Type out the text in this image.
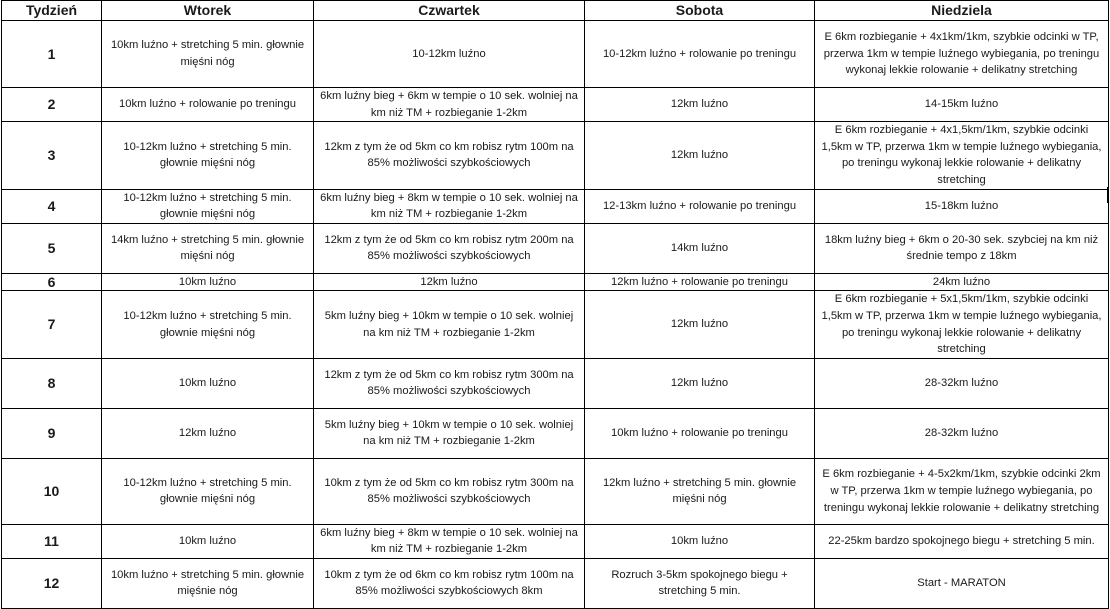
Tydzień	Wtorek	Czwartek	Sobota	Niedziela
1	10km luźno + stretching 5 min. głownie mięśni nóg	10-12km luźno	10-12km luźno + rolowanie po treningu	E 6km rozbieganie + 4x1km/1km, szybkie odcinki w TP, przerwa 1km w tempie luźnego wybiegania, po treningu wykonaj lekkie rolowanie + delikatny stretching
2	10km luźno + rolowanie po treningu	6km luźny bieg + 6km w tempie o 10 sek. wolniej na km niż TM + rozbieganie 1-2km	12km luźno	14-15km luźno
3	10-12km luźno + stretching 5 min. głownie mięśni nóg	12km z tym że od 5km co km robisz rytm 100m na 85% możliwości szybkościowych	12km luźno	E 6km rozbieganie + 4x1,5km/1km, szybkie odcinki 1,5km w TP, przerwa 1km w tempie luźnego wybiegania, po treningu wykonaj lekkie rolowanie + delikatny stretching
4	10-12km luźno + stretching 5 min. głownie mięśni nóg	6km luźny bieg + 8km w tempie o 10 sek. wolniej na km niż TM + rozbieganie 1-2km	12-13km luźno + rolowanie po treningu	15-18km luźno
5	14km luźno + stretching 5 min. głownie mięśni nóg	12km z tym że od 5km co km robisz rytm 200m na 85% możliwości szybkościowych	14km luźno	18km luźny bieg + 6km o 20-30 sek. szybciej na km niż średnie tempo z 18km
6	10km luźno	12km luźno	12km luźno + rolowanie po treningu	24km luźno
7	10-12km luźno + stretching 5 min. głownie mięśni nóg	5km luźny bieg + 10km w tempie o 10 sek. wolniej na km niż TM + rozbieganie 1-2km	12km luźno	E 6km rozbieganie + 5x1,5km/1km, szybkie odcinki 1,5km w TP, przerwa 1km w tempie luźnego wybiegania, po treningu wykonaj lekkie rolowanie + delikatny stretching
8	10km luźno	12km z tym że od 5km co km robisz rytm 300m na 85% możliwości szybkościowych	12km luźno	28-32km luźno
9	12km luźno	5km luźny bieg + 10km w tempie o 10 sek. wolniej na km niż TM + rozbieganie 1-2km	10km luźno + rolowanie po treningu	28-32km luźno
10	10-12km luźno + stretching 5 min. głownie mięśni nóg	10km z tym że od 5km co km robisz rytm 300m na 85% możliwości szybkościowych	12km luźno + stretching 5 min. głownie mięśni nóg	E 6km rozbieganie + 4-5x2km/1km, szybkie odcinki 2km w TP, przerwa 1km w tempie luźnego wybiegania, po treningu wykonaj lekkie rolowanie + delikatny stretching
11	10km luźno	6km luźny bieg + 8km w tempie o 10 sek. wolniej na km niż TM + rozbieganie 1-2km	10km luźno	22-25km bardzo spokojnego biegu + stretching 5 min.
12	10km luźno + stretching 5 min. głownie mięśnie nóg	10km z tym że od 6km co km robisz rytm 100m na 85% możliwości szybkościowych 8km	Rozruch 3-5km spokojnego biegu + stretching 5 min.	Start - MARATON
